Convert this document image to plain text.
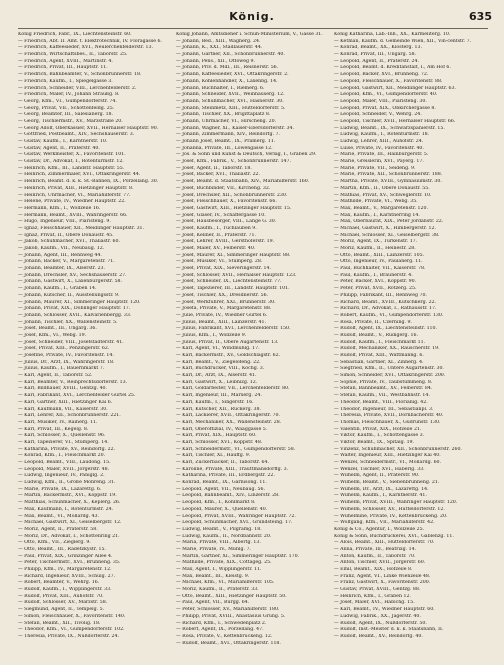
König.	635
König Friedrich, Fabr., IX., Liechtensteinstr. 60.
— Friedrich, Abt. II. Amt. f. Elektrotechnik, IV. Floragasse 6.
— Friedrich, Kaffeesieder, XVI., Neulerchenfelderstr. 13.
— Friedrich, Wirtschaftsbes., II., Taborstr. 25.
— Friedrich, Agent, XVIII., Martinstr. 4.
— Friedrich, Privat, III., Hauptstr. 11.
— Friedrich, Bahnbeamter, V., Schönbrunnerstr. 18.
— Friedrich, Kaufm., I., Spiegelgasse 3.
— Friedrich, Schneider, VIII., Lerchenfelderstr. 2.
— Friedrich, Maler, IV., Johann Straußg. 8.
— Georg, Kfm., VI., Gumpendorferstr. 74.
— Georg, Privat, VII., Schottenfeldg. 25.
— Georg, Beamter, III., Salesianerg. 18.
— Georg, Tischlermstr., XV., Märzstraße 20.
— Georg Adolf, Oberkassier, XVII., Hernalser Hauptstr. 90.
— Gottfried, Postbeamt., XIV., Sechshauserstr. 3.
— Gustav, Kaufm., I., Kärntnerstr. 10.
— Gustav, Agent, II., Praterstr. 40.
— Gustav, Werkmeister, X., Favoritenstr. 101.
— Gustav, Dr., Advokat, I., Rotenturmstr. 12.
— Heinrich, Kfm., III., Landstr. Hauptstr. 55.
— Heinrich, Zimmermaler, XVI., Ottakringerstr. 44.
— Heinrich, Beamt. d. k. k. St.-Bahnen, IX., Porzellang. 30.
— Heinrich, Privat, XIII., Hietzinger Hauptstr. 8.
— Heinrich, Uhrmacher, VI., Mariahilferstr. 77.
— Helene, Private, IV., Wiedner Hauptstr. 22.
— Hermann, Kfm., I., Wollzeile 16.
— Hermann, Beamt., XVIII., Währingerstr. 66.
— Hugo, Ingenieur, VIII., Piaristeng. 9.
— Ignaz, Fleischhauer, XII., Meidlinger Hauptstr. 31.
— Ignaz, Privat, II., Obere Donaustr. 45.
— Jakob, Schuhmacher, XVI., Thaliastr. 60.
— Jakob, Kaufm., VII., Neubaug. 12.
— Johann, Agent, III., Rennweg 44.
— Johann, Bäcker, V., Margaretenstr. 71.
— Johann, Beamter, IX., Alserstr. 23.
— Johann, Drechsler, XV., Sechshauserstr. 27.
— Johann, Gastwirt, X., Laxenburgerstr. 58.
— Johann, Kaufm., I., Graben 14.
— Johann, Kutscher, II., Ausstellungsstr. 9.
— Johann, Maurer, XI., Simmeringer Hauptstr. 120.
— Johann, Privat, XIX., Döblinger Hauptstr. 17.
— Johann, Schlosser, XVII., Kalvarienbergg. 33.
— Johann, Tischler, XX., Wallensteinstr. 5.
— Josef, Beamt., III., Ungarg. 36.
— Josef, Kfm., VI., Webg. 19.
— Josef, Schneider, VIII., Josefstädterstr. 41.
— Josef, Privat, XIII., Penzingerstr. 62.
— Josefine, Private, IV., Favoritenstr. 14.
— Julius, Dr., Arzt, IX., Währingerstr. 18.
— Julius, Kaufm., I., Bauernmarkt 7.
— Karl, Agent, II., Taborstr. 52.
— Karl, Beamter, V., Reinprechtsdorferstr. 13.
— Karl, Bildhauer, XVIII., Gentzg. 40.
— Karl, Fabrikant, XVI., Lerchenfelder Gürtel 25.
— Karl, Gärtner, XIII., Hietzinger Kai 6.
— Karl, Kaufmann, VII., Kaiserstr. 30.
— Karl, Lehrer, XII., Schönbrunnerstr. 221.
— Karl, Musiker, IV., Rainerg. 11.
— Karl, Privat, III., Kegelg. 8.
— Karl, Schlosser, X., Quellenstr. 96.
— Karl, Tapezierer, VI., Stumperg. 14.
— Katharina, Private, XV., Reindorfg. 22.
— Konrad, Kfm., I., Fleischmarkt 20.
— Leopold, Beamt., VIII., Laudong. 15.
— Leopold, Maler, XVII., Jörgerstr. 48.
— Ludwig, Ingenieur, IV., Paniglg. 2.
— Ludwig, Kfm., II., Große Mohreng. 31.
— Marie, Private, IX., Lazarettg. 6.
— Martin, Bäckermstr., XVI., Koppstr. 19.
— Matthias, Schuhmacher, X., Keplerg. 26.
— Max, Kaufmann, I., Rotenturmstr. 24.
— Max, Beamt., VI., Mollardg. 43.
— Michael, Gastwirt, XI., Geiselbergstr. 12.
— Moriz, Agent, II., Praterstr. 58.
— Moriz, Dr., Advokat, I., Schottenring 21.
— Otto, Kfm., VII., Zieglerg. 9.
— Otto, Beamt., III., Radetzkystr. 15.
— Paul, Privat, XIX., Grinzinger Allee 4.
— Peter, Tischlermstr., XVI., Brunneng. 35.
— Philipp, Kfm., IV., Margaretenstr. 12.
— Richard, Ingenieur, XVIII., Schulg. 27.
— Robert, Beamter, V., Wehrg. 16.
— Rudolf, Kaufm., I., Wipplingerstr. 33.
— Rudolf, Privat, XIII., Auhofstr. 70.
— Rudolf, Schlosser, XV., Märzstr. 58.
— Siegmund, Agent, II., Tempelg. 5.
— Simon, Fleischhauer, X., Favoritenstr. 140.
— Stefan, Beamt., XII., Tivolig. 18.
— Theodor, Kfm., VI., Gumpendorferstr. 102.
— Theresia, Private, IX., Nußdorferstr. 24.
König Johann, Amtsdiener i. Schuh-Ministerium, V., Gasse 31.
— Johann, Bed., XIII., Wagnerg. 24.
— Johann, K., XXI., Stadlauerstr. 44.
— Johann, Gärtner, XII., Schönbrunnerstr. 40.
— Johann, Pens., XII., Ottoweg 9.
— Johann, Priv. d. Mdl., III., Reisnerstr. 56.
— Johann, Kaffeesieder, XVI., Ottakringerstr. 2.
— Johann, Kohlenhändler, X., Laxenbg. 14.
— Johann, Buchhalter, I., Riemerg. 6.
— Johann, Schneider, XVII., Weinhauserg. 12.
— Johann, Schuhmacher, XVI., Hasnerstr. 30.
— Johann, Steinmetz, XIII., Hütteldorferstr. 5.
— Johann, Tischler, XX., Brigittaplatz 8.
— Johann, Uhrmacher, VI., Hirscheng. 20.
— Johann, Wagner, XI., Kaiser-Ebersdorferstr. 34.
— Johann, Zimmermann, XIV., Reindorfg. 7.
— Johann Josef, Beamt., IX., Pramerg. 11.
— Johanna, Private, III., Löwengasse 12.
— Jos. & Sohn und Kunst & Deutsch, Verlag, I., Graben 29.
— Josef, Kfm., Fabrik., V., Schönbrunnerstr. 147.
— Josef, Agent, II., Taborstr. 18.
— Josef, Bäcker, XVI., Thaliastr. 22.
— Josef, Beamt. d. Staatsbahn, XIV., Mariahilferstr. 160.
— Josef, Buchbinder, VII., Kircheng. 32.
— Josef, Drechsler, XII., Schönbrunnerstr. 230.
— Josef, Fleischhauer, X., Favoritenstr. 66.
— Josef, Gastwirt, XIII., Hietzinger Hauptstr. 15.
— Josef, Glaser, IV., Schäffergasse 10.
— Josef, Hausbesorger, VIII., Lange G. 30.
— Josef, Kaufm., I., Tuchlauben 9.
— Josef, Kellner, II., Praterstr. 71.
— Josef, Lehrer, XVIII., Gersthoferstr. 19.
— Josef, Maler, XV., Felberstr. 40.
— Josef, Maurer, XI., Simmeringer Hauptstr. 88.
— Josef, Musiker, VI., Stumperg. 28.
— Josef, Privat, XIX., Sieveringerstr. 14.
— Josef, Schlosser, XVII., Hernalser Hauptstr. 123.
— Josef, Schneider, IX., Liechtensteinstr. 77.
— Josef, Tapezierer, III., Landstr. Hauptstr. 101.
— Josef, Tischler, XX., Dresdnerstr. 56.
— Josef, Werkführer, XXI., Brünnerstr. 30.
— Josefa, Private, V., Margaretenstr. 88.
— Julie, Private, IV., Wiedner Gürtel 6.
— Julius, Beamt., XIII., Lainzerstr. 41.
— Julius, Fabrikant, XVI., Lerchenfelderstr. 150.
— Julius, Kfm., I., Wollzeile 9.
— Julius, Privat, II., Obere Augartenstr. 13.
— Karl, Agent, VI., Windmühlg. 17.
— Karl, Bäckermstr., XV., Goldschlagstr. 62.
— Karl, Beamt., V., Ziegelofeng. 22.
— Karl, Buchdrucker, VIII., Kochg. 3.
— Karl, Dr., Arzt, IX., Alserstr. 41.
— Karl, Gastwirt, X., Leibnizg. 12.
— Karl, Goldarbeiter, VII., Lerchenfelderstr. 80.
— Karl, Ingenieur, III., Marxerg. 24.
— Karl, Kaufm., I., Singerstr. 16.
— Karl, Kutscher, XII., Ruckerg. 38.
— Karl, Lackierer, XVII., Ottakringerstr. 70.
— Karl, Mechaniker, XX., Wallensteinstr. 28.
— Karl, Oberoffizial, IV., Waaggasse 5.
— Karl, Privat, XIX., Hauptstr. 60.
— Karl, Schlosser, XVI., Koppstr. 48.
— Karl, Schneidermstr., VI., Gumpendorferstr. 58.
— Karl, Tischler, XI., Hauffg. 9.
— Karl, Zuckerbäcker, II., Taborstr. 64.
— Karoline, Private, XIII., Trauttmansdorffg. 3.
— Katharina, Private, III., Erdbergstr. 22.
— Konrad, Beamt., IX., Garnisong. 11.
— Leopold, Agent, VII., Neubaug. 56.
— Leopold, Bahnbeamt., XIV., Linzerstr. 28.
— Leopold, Kfm., I., Kohlmarkt 8.
— Leopold, Maurer, X., Quellenstr. 40.
— Leopold, Privat, XVIII., Währinger Hauptstr. 72.
— Leopold, Schuhmacher, XVI., Grundsteing. 17.
— Ludwig, Beamt., V., Pilgramg. 18.
— Ludwig, Kaufm., II., Nordbahnstr. 20.
— Maria, Private, VIII., Albertg. 13.
— Marie, Private, IV., Mühlg. 7.
— Martin, Gärtner, XI., Simmeringer Hauptstr. 170.
— Mathilde, Private, XIX., Cottageg. 25.
— Max, Agent, I., Wipplingerstr. 11.
— Max, Beamt., III., Kleistg. 9.
— Michael, Kfm., VI., Mariahilferstr. 105.
— Moriz, Kaufm., II., Praterstr. 33.
— Otto, Beamt., XIII., Hietzinger Hauptstr. 50.
— Paul, Agent, VII., Burgg. 64.
— Peter, Schlosser, XV., Mariahilferstr. 180.
— Philipp, Privat, XVIII., Anastasius Grüng. 5.
— Richard, Kfm., I., Schwedenplatz 2.
— Robert, Agent, IX., Porzellang. 47.
— Rosa, Private, V., Kettenbrückeng. 12.
— Rudolf, Beamt., XVI., Ottakringerstr. 118.
König Katharina, Lab.-Inh., XX., Karmeliterg. 10.
— Ketman, Kaufm. d. Gemeinde Wien, XII., Vin-centstr. 7.
— Konrad, Beamt., XX., Klosterg. 13.
— Konrad, Privat, III., Ungarg. 58.
— Leopold, Agent, II., Praterstr. 24.
— Leopold, Beamt. d. Kreditanstalt, I., Am Hof 6.
— Leopold, Bäcker, XVI., Brunneng. 72.
— Leopold, Fleischhauer, X., Favoritenstr. 88.
— Leopold, Gastwirt, XII., Meidlinger Hauptstr. 63.
— Leopold, Kfm., VI., Gumpendorferstr. 40.
— Leopold, Maler, VIII., Piaristeng. 30.
— Leopold, Privat, XIX., Obkirchergasse 8.
— Leopold, Schneider, V., Wehrg. 24.
— Leopold, Tischler, XVII., Hernalser Hauptstr. 66.
— Ludwig, Beamt., IX., Schwarzspanierstr. 15.
— Ludwig, Kaufm., I., Rotenturmstr. 18.
— Ludwig, Lehrer, XIII., Auhofstr. 24.
— Luise, Private, IV., Favoritenstr. 40.
— Marie, Private, III., Hainburgerstr. 5.
— Marie, Greislerin, XVI., Payerg. 17.
— Marie, Private, VII., Seideng. 9.
— Marie, Private, XII., Schönbrunnerstr. 188.
— Martha, Private, XVIII., Gymnasiumstr. 30.
— Martin, Kfm., II., Obere Donaustr. 55.
— Mathias, Privat, XV., Schweglerstr. 10.
— Mathilde, Private, VI., Webg. 35.
— Max, Beamt., V., Margaretenstr. 120.
— Max, Kaufm., I., Kärntnerring 14.
— Max, Oberbaurat, XIX., Peter Jordanstr. 22.
— Michael, Gastwirt, X., Himbergerstr. 12.
— Michael, Schlosser, XI., Geiselbergstr. 38.
— Moriz, Agent, IX., Türkenstr. 17.
— Moriz, Kaufm., II., Heinestr. 28.
— Otto, Beamt., XIII., Lainzerstr. 105.
— Otto, Ingenieur, IV., Paulanerg. 11.
— Paul, Buchhalter, VII., Kaiserstr. 78.
— Paul, Kaufm., I., Bräunerstr. 4.
— Peter, Bäcker, XVI., Koppstr. 90.
— Peter, Privat, XVII., Rötzerg. 25.
— Philipp, Fabrikant, III., Rennweg 70.
— Richard, Beamt., XVIII., Kutschkerg. 22.
— Richard, Dr., Advokat, I., Rathausstr. 17.
— Robert, Kaufm., VI., Gumpendorferstr. 130.
— Rosa, Private, II., Czerning. 9.
— Rudolf, Agent, IX., Liechtensteinstr. 110.
— Rudolf, Beamt., V., Rüdigerg. 16.
— Rudolf, Kaufm., I., Fleischmarkt 11.
— Rudolf, Mechaniker, XX., Rauscherstr. 19.
— Rudolf, Privat, XIII., Wattmanng. 6.
— Sebastian, Gärtner, XI., Zinnerg. 4.
— Siegfried, Kfm., II., Untere Augartenstr. 30.
— Simon, Schneider, XVI., Ottakringerstr. 200.
— Sophie, Private, IV., Taubstummeng. 8.
— Stefan, Bahnbeamt., XV., Felberstr. 84.
— Stefan, Kaufm., VII., Westbahnstr. 14.
— Theodor, Beamt., VIII., Florianig. 42.
— Theodor, Ingenieur, III., Sebastianpl. 3.
— Theresia, Private, XVII., Dornbacherstr. 40.
— Thomas, Fleischhauer, X., Gudrunstr. 130.
— Valentin, Privat, XIX., Hofzeile 21.
— Viktor, Kaufm., I., Schottengasse 3.
— Viktor, Beamt., IX., Spitalg. 19.
— Vinzenz, Schuhmacher, XII., Schönbrunnerstr. 260.
— Walter, Ingenieur, XIII., Hietzinger Kai 40.
— Wenzel, Schneidermstr., VI., Mollardg. 60.
— Wenzel, Tischler, XVI., Haberlg. 33.
— Wilhelm, Agent, II., Praterstr. 90.
— Wilhelm, Beamt., V., Siebenbrunneng. 21.
— Wilhelm, Dr., Arzt, IX., Lazarettg. 14.
— Wilhelm, Kaufm., I., Kärntnerstr. 41.
— Wilhelm, Privat, XVIII., Währinger Hauptstr. 120.
— Wilhelm, Schlosser, XV., Hütteldorferstr. 12.
— Wilhelmine, Private, IV., Kettenbrückeng. 20.
— Wolfgang, Kfm., VII., Mariahilferstr. 42.
König & Co., Agentur, I., Wollzeile 25.
König & Sohn, Buchdruckerei, XVI., Gablenzg. 11.
— Alois, Beamt., XIII., Hütteldorferstr. 70.
— Anna, Private, III., Beatrixg. 14.
— Anton, Kaufm., II., Taborstr. 70.
— Anton, Tischler, XVII., Jörgerstr. 60.
— Emil, Beamt., XIX., Hofzeile 8.
— Franz, Agent, VI., Linke Wienzeile 48.
— Franz, Gastwirt, X., Favoritenstr. 200.
— Gustav, Privat, XVIII., Gentzg. 88.
— Heinrich, Kfm., I., Graben 12.
— Josef, Maler, XVI., Habichg. 15.
— Karl, Beamt., IV., Wiedner Hauptstr. 60.
— Ludwig, Fabrik., XX., Jägerstr. 40.
— Rudolf, Agent, IX., Nußdorferstr. 50.
— Rudolf, Inst.-Meister d. k. k. Staatsbahn, II.
— Rudolf, Beamt., XV., Reindorfg. 40.
